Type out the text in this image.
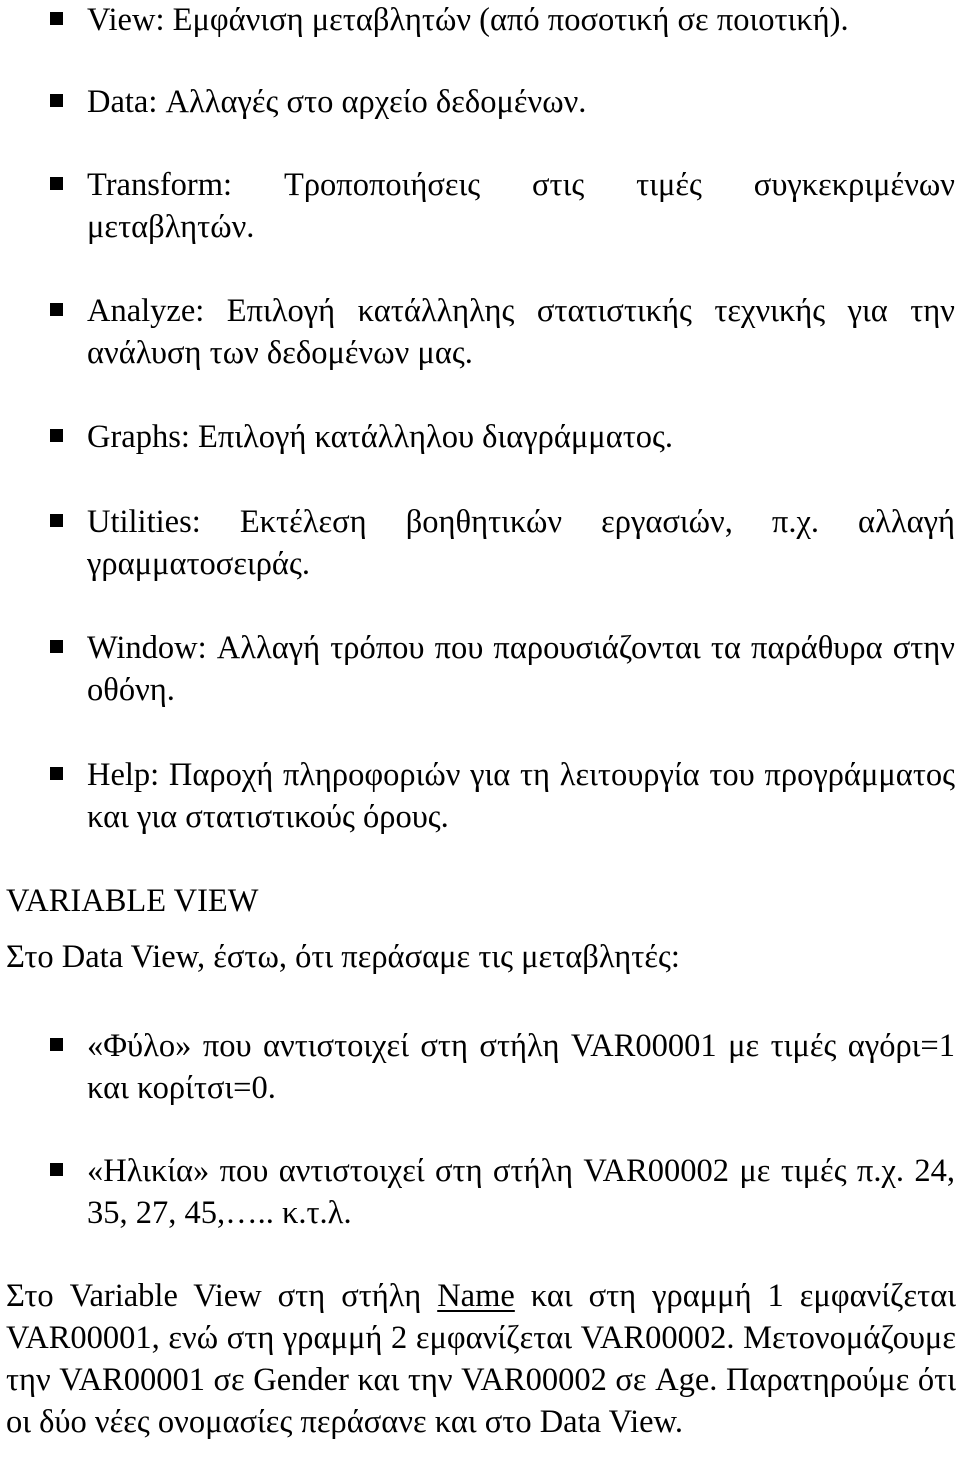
View: Εμφάνιση μεταβλητών (από ποσοτική σε ποιοτική).
Data: Αλλαγές στο αρχείο δεδομένων.
Transform: Τροποποιήσεις στις τιμές συγκεκριμένων μεταβλητών.
Analyze: Επιλογή κατάλληλης στατιστικής τεχνικής για την ανάλυση των δεδομένων μας.
Graphs: Επιλογή κατάλληλου διαγράμματος.
Utilities: Εκτέλεση βοηθητικών εργασιών, π.χ. αλλαγή γραμματοσειράς.
Window: Αλλαγή τρόπου που παρουσιάζονται τα παράθυρα στην οθόνη.
Help: Παροχή πληροφοριών για τη λειτουργία του προγράμματος και για στατιστικούς όρους.
VARIABLE VIEW
Στο Data View, έστω, ότι περάσαμε τις μεταβλητές:
«Φύλο» που αντιστοιχεί στη στήλη VAR00001 με τιμές αγόρι=1 και κορίτσι=0.
«Ηλικία» που αντιστοιχεί στη στήλη VAR00002 με τιμές π.χ. 24, 35, 27, 45,….. κ.τ.λ.
Στο Variable View στη στήλη Name και στη γραμμή 1 εμφανίζεται VAR00001, ενώ στη γραμμή 2 εμφανίζεται VAR00002. Μετονομάζουμε την VAR00001 σε Gender και την VAR00002 σε Age. Παρατηρούμε ότι οι δύο νέες ονομασίες περάσανε και στο Data View.
